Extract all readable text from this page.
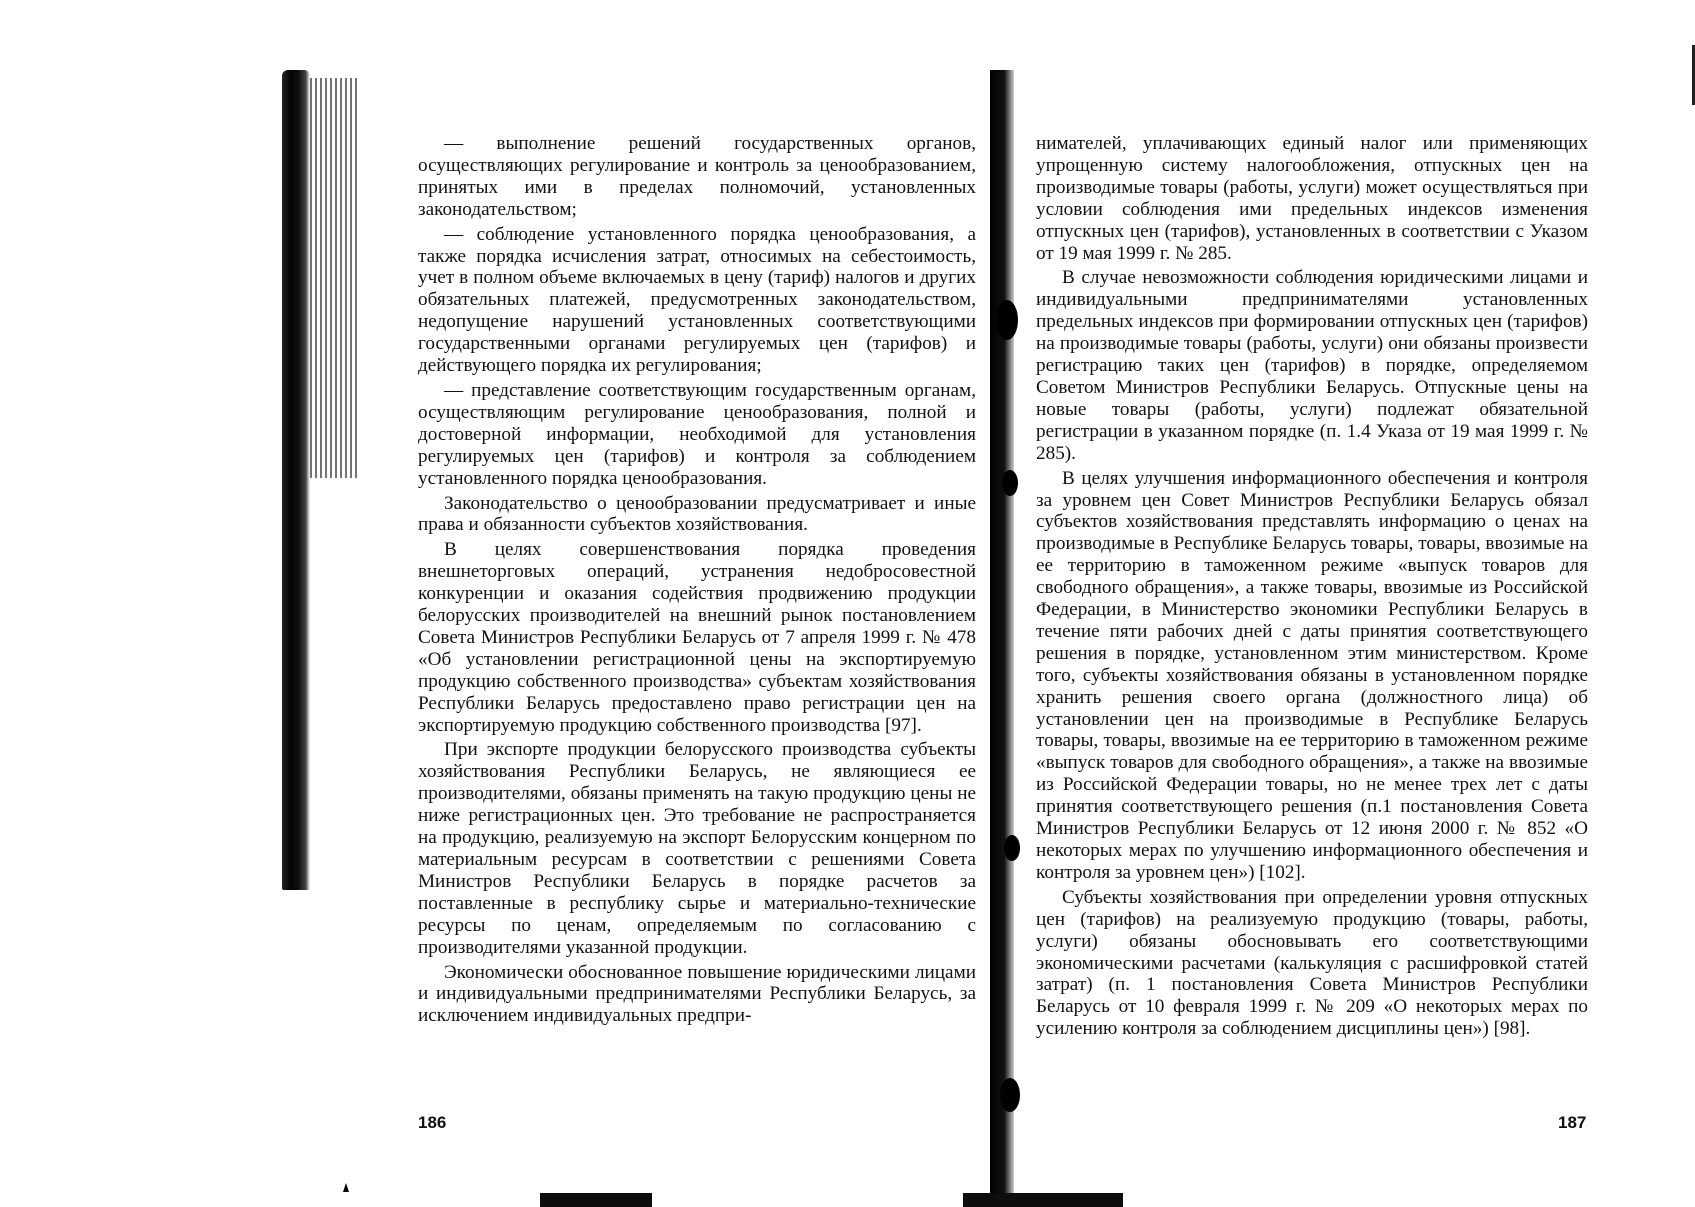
— выполнение решений государственных органов, осуществляющих регулирование и контроль за ценообразованием, принятых ими в пределах полномочий, установленных законодательством;

— соблюдение установленного порядка ценообразования, а также порядка исчисления затрат, относимых на себестоимость, учет в полном объеме включаемых в цену (тариф) налогов и других обязательных платежей, предусмотренных законодательством, недопущение нарушений установленных соответствующими государственными органами регулируемых цен (тарифов) и действующего порядка их регулирования;

— представление соответствующим государственным органам, осуществляющим регулирование ценообразования, полной и достоверной информации, необходимой для установления регулируемых цен (тарифов) и контроля за соблюдением установленного порядка ценообразования.

Законодательство о ценообразовании предусматривает и иные права и обязанности субъектов хозяйствования.

В целях совершенствования порядка проведения внешнеторговых операций, устранения недобросовестной конкуренции и оказания содействия продвижению продукции белорусских производителей на внешний рынок постановлением Совета Министров Республики Беларусь от 7 апреля 1999 г. № 478 «Об установлении регистрационной цены на экспортируемую продукцию собственного производства» субъектам хозяйствования Республики Беларусь предоставлено право регистрации цен на экспортируемую продукцию собственного производства [97].

При экспорте продукции белорусского производства субъекты хозяйствования Республики Беларусь, не являющиеся ее производителями, обязаны применять на такую продукцию цены не ниже регистрационных цен. Это требование не распространяется на продукцию, реализуемую на экспорт Белорусским концерном по материальным ресурсам в соответствии с решениями Совета Министров Республики Беларусь в порядке расчетов за поставленные в республику сырье и материально-технические ресурсы по ценам, определяемым по согласованию с производителями указанной продукции.

Экономически обоснованное повышение юридическими лицами и индивидуальными предпринимателями Республики Беларусь, за исключением индивидуальных предпри-

186

нимателей, уплачивающих единый налог или применяющих упрощенную систему налогообложения, отпускных цен на производимые товары (работы, услуги) может осуществляться при условии соблюдения ими предельных индексов изменения отпускных цен (тарифов), установленных в соответствии с Указом от 19 мая 1999 г. № 285.

В случае невозможности соблюдения юридическими лицами и индивидуальными предпринимателями установленных предельных индексов при формировании отпускных цен (тарифов) на производимые товары (работы, услуги) они обязаны произвести регистрацию таких цен (тарифов) в порядке, определяемом Советом Министров Республики Беларусь. Отпускные цены на новые товары (работы, услуги) подлежат обязательной регистрации в указанном порядке (п. 1.4 Указа от 19 мая 1999 г. № 285).

В целях улучшения информационного обеспечения и контроля за уровнем цен Совет Министров Республики Беларусь обязал субъектов хозяйствования представлять информацию о ценах на производимые в Республике Беларусь товары, товары, ввозимые на ее территорию в таможенном режиме «выпуск товаров для свободного обращения», а также товары, ввозимые из Российской Федерации, в Министерство экономики Республики Беларусь в течение пяти рабочих дней с даты принятия соответствующего решения в порядке, установленном этим министерством. Кроме того, субъекты хозяйствования обязаны в установленном порядке хранить решения своего органа (должностного лица) об установлении цен на производимые в Республике Беларусь товары, товары, ввозимые на ее территорию в таможенном режиме «выпуск товаров для свободного обращения», а также на ввозимые из Российской Федерации товары, но не менее трех лет с даты принятия соответствующего решения (п.1 постановления Совета Министров Республики Беларусь от 12 июня 2000 г. № 852 «О некоторых мерах по улучшению информационного обеспечения и контроля за уровнем цен») [102].

Субъекты хозяйствования при определении уровня отпускных цен (тарифов) на реализуемую продукцию (товары, работы, услуги) обязаны обосновывать его соответствующими экономическими расчетами (калькуляция с расшифровкой статей затрат) (п. 1 постановления Совета Министров Республики Беларусь от 10 февраля 1999 г. № 209 «О некоторых мерах по усилению контроля за соблюдением дисциплины цен») [98].

187
